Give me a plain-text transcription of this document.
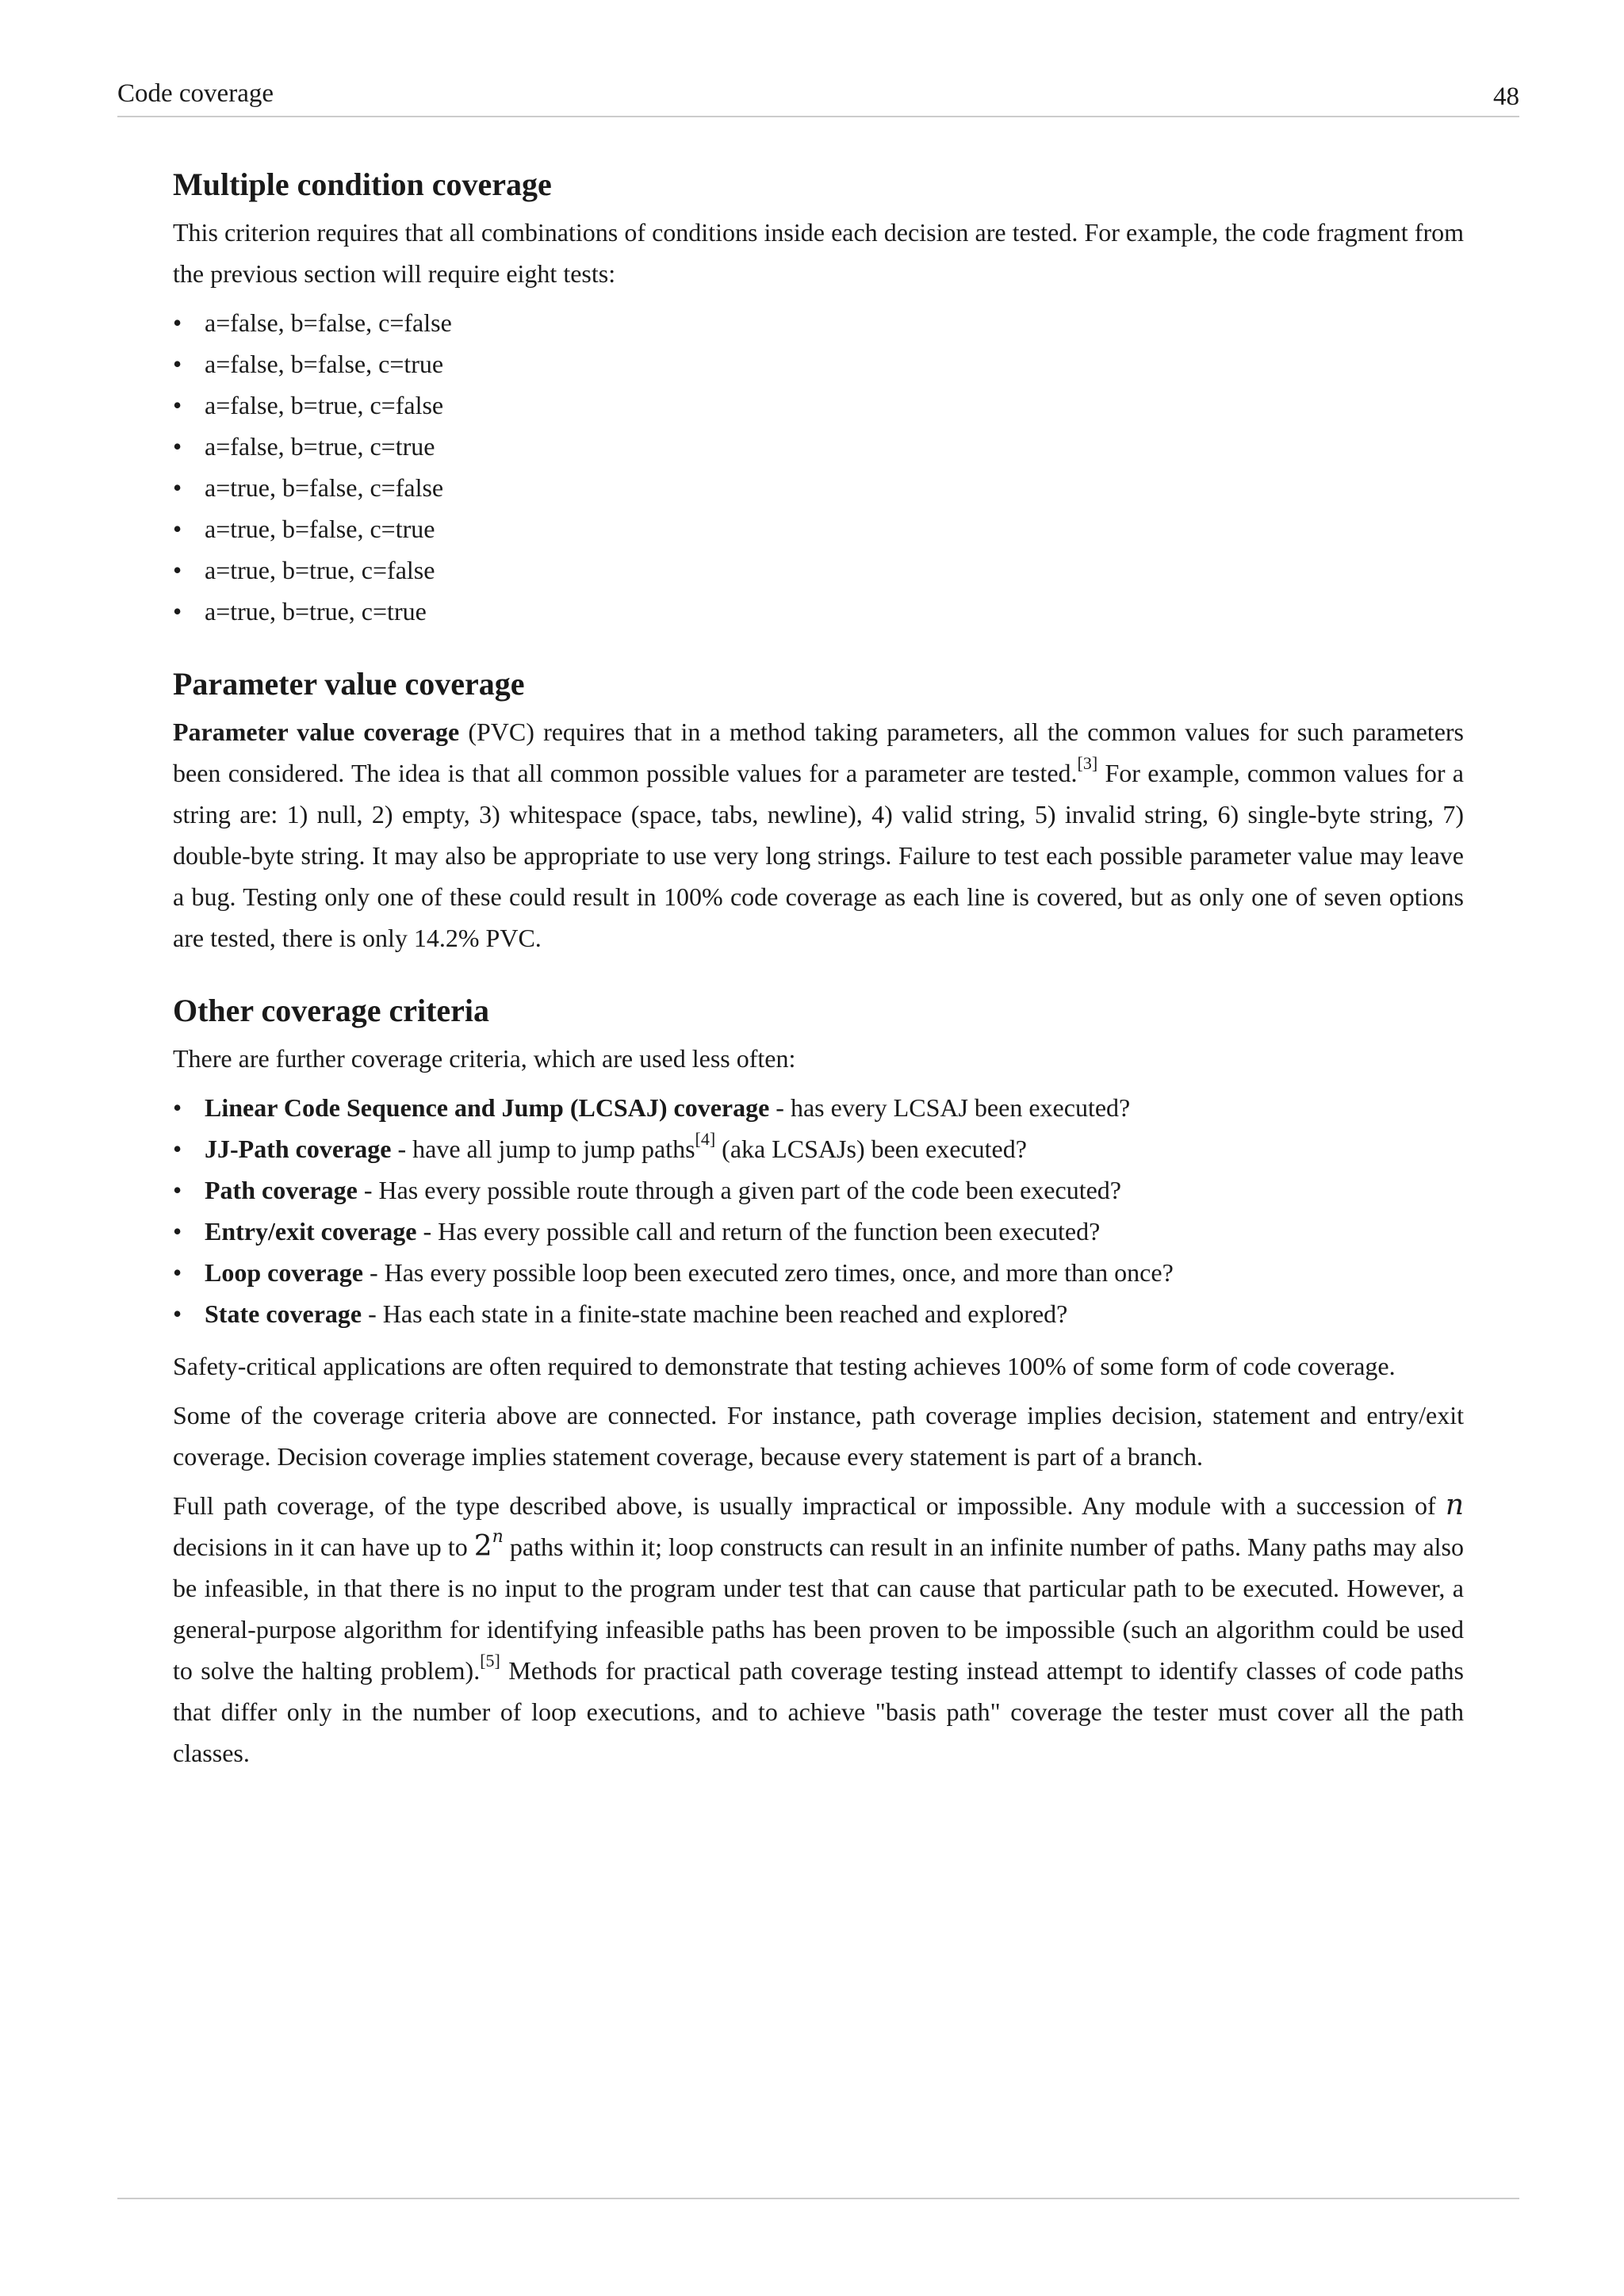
Code coverage	48
Multiple condition coverage

This criterion requires that all combinations of conditions inside each decision are tested. For example, the code fragment from the previous section will require eight tests:

• a=false, b=false, c=false
• a=false, b=false, c=true
• a=false, b=true, c=false
• a=false, b=true, c=true
• a=true, b=false, c=false
• a=true, b=false, c=true
• a=true, b=true, c=false
• a=true, b=true, c=true
Parameter value coverage

Parameter value coverage (PVC) requires that in a method taking parameters, all the common values for such parameters been considered. The idea is that all common possible values for a parameter are tested.[3] For example, common values for a string are: 1) null, 2) empty, 3) whitespace (space, tabs, newline), 4) valid string, 5) invalid string, 6) single-byte string, 7) double-byte string. It may also be appropriate to use very long strings. Failure to test each possible parameter value may leave a bug. Testing only one of these could result in 100% code coverage as each line is covered, but as only one of seven options are tested, there is only 14.2% PVC.

Other coverage criteria

There are further coverage criteria, which are used less often:

• Linear Code Sequence and Jump (LCSAJ) coverage - has every LCSAJ been executed?
• JJ-Path coverage - have all jump to jump paths[4] (aka LCSAJs) been executed?
• Path coverage - Has every possible route through a given part of the code been executed?
• Entry/exit coverage - Has every possible call and return of the function been executed?
• Loop coverage - Has every possible loop been executed zero times, once, and more than once?
• State coverage - Has each state in a finite-state machine been reached and explored?

Safety-critical applications are often required to demonstrate that testing achieves 100% of some form of code coverage.

Some of the coverage criteria above are connected. For instance, path coverage implies decision, statement and entry/exit coverage. Decision coverage implies statement coverage, because every statement is part of a branch.

Full path coverage, of the type described above, is usually impractical or impossible. Any module with a succession of n decisions in it can have up to 2$^n$ paths within it; loop constructs can result in an infinite number of paths. Many paths may also be infeasible, in that there is no input to the program under test that can cause that particular path to be executed. However, a general-purpose algorithm for identifying infeasible paths has been proven to be impossible (such an algorithm could be used to solve the halting problem).[5] Methods for practical path coverage testing instead attempt to identify classes of code paths that differ only in the number of loop executions, and to achieve "basis path" coverage the tester must cover all the path classes.
